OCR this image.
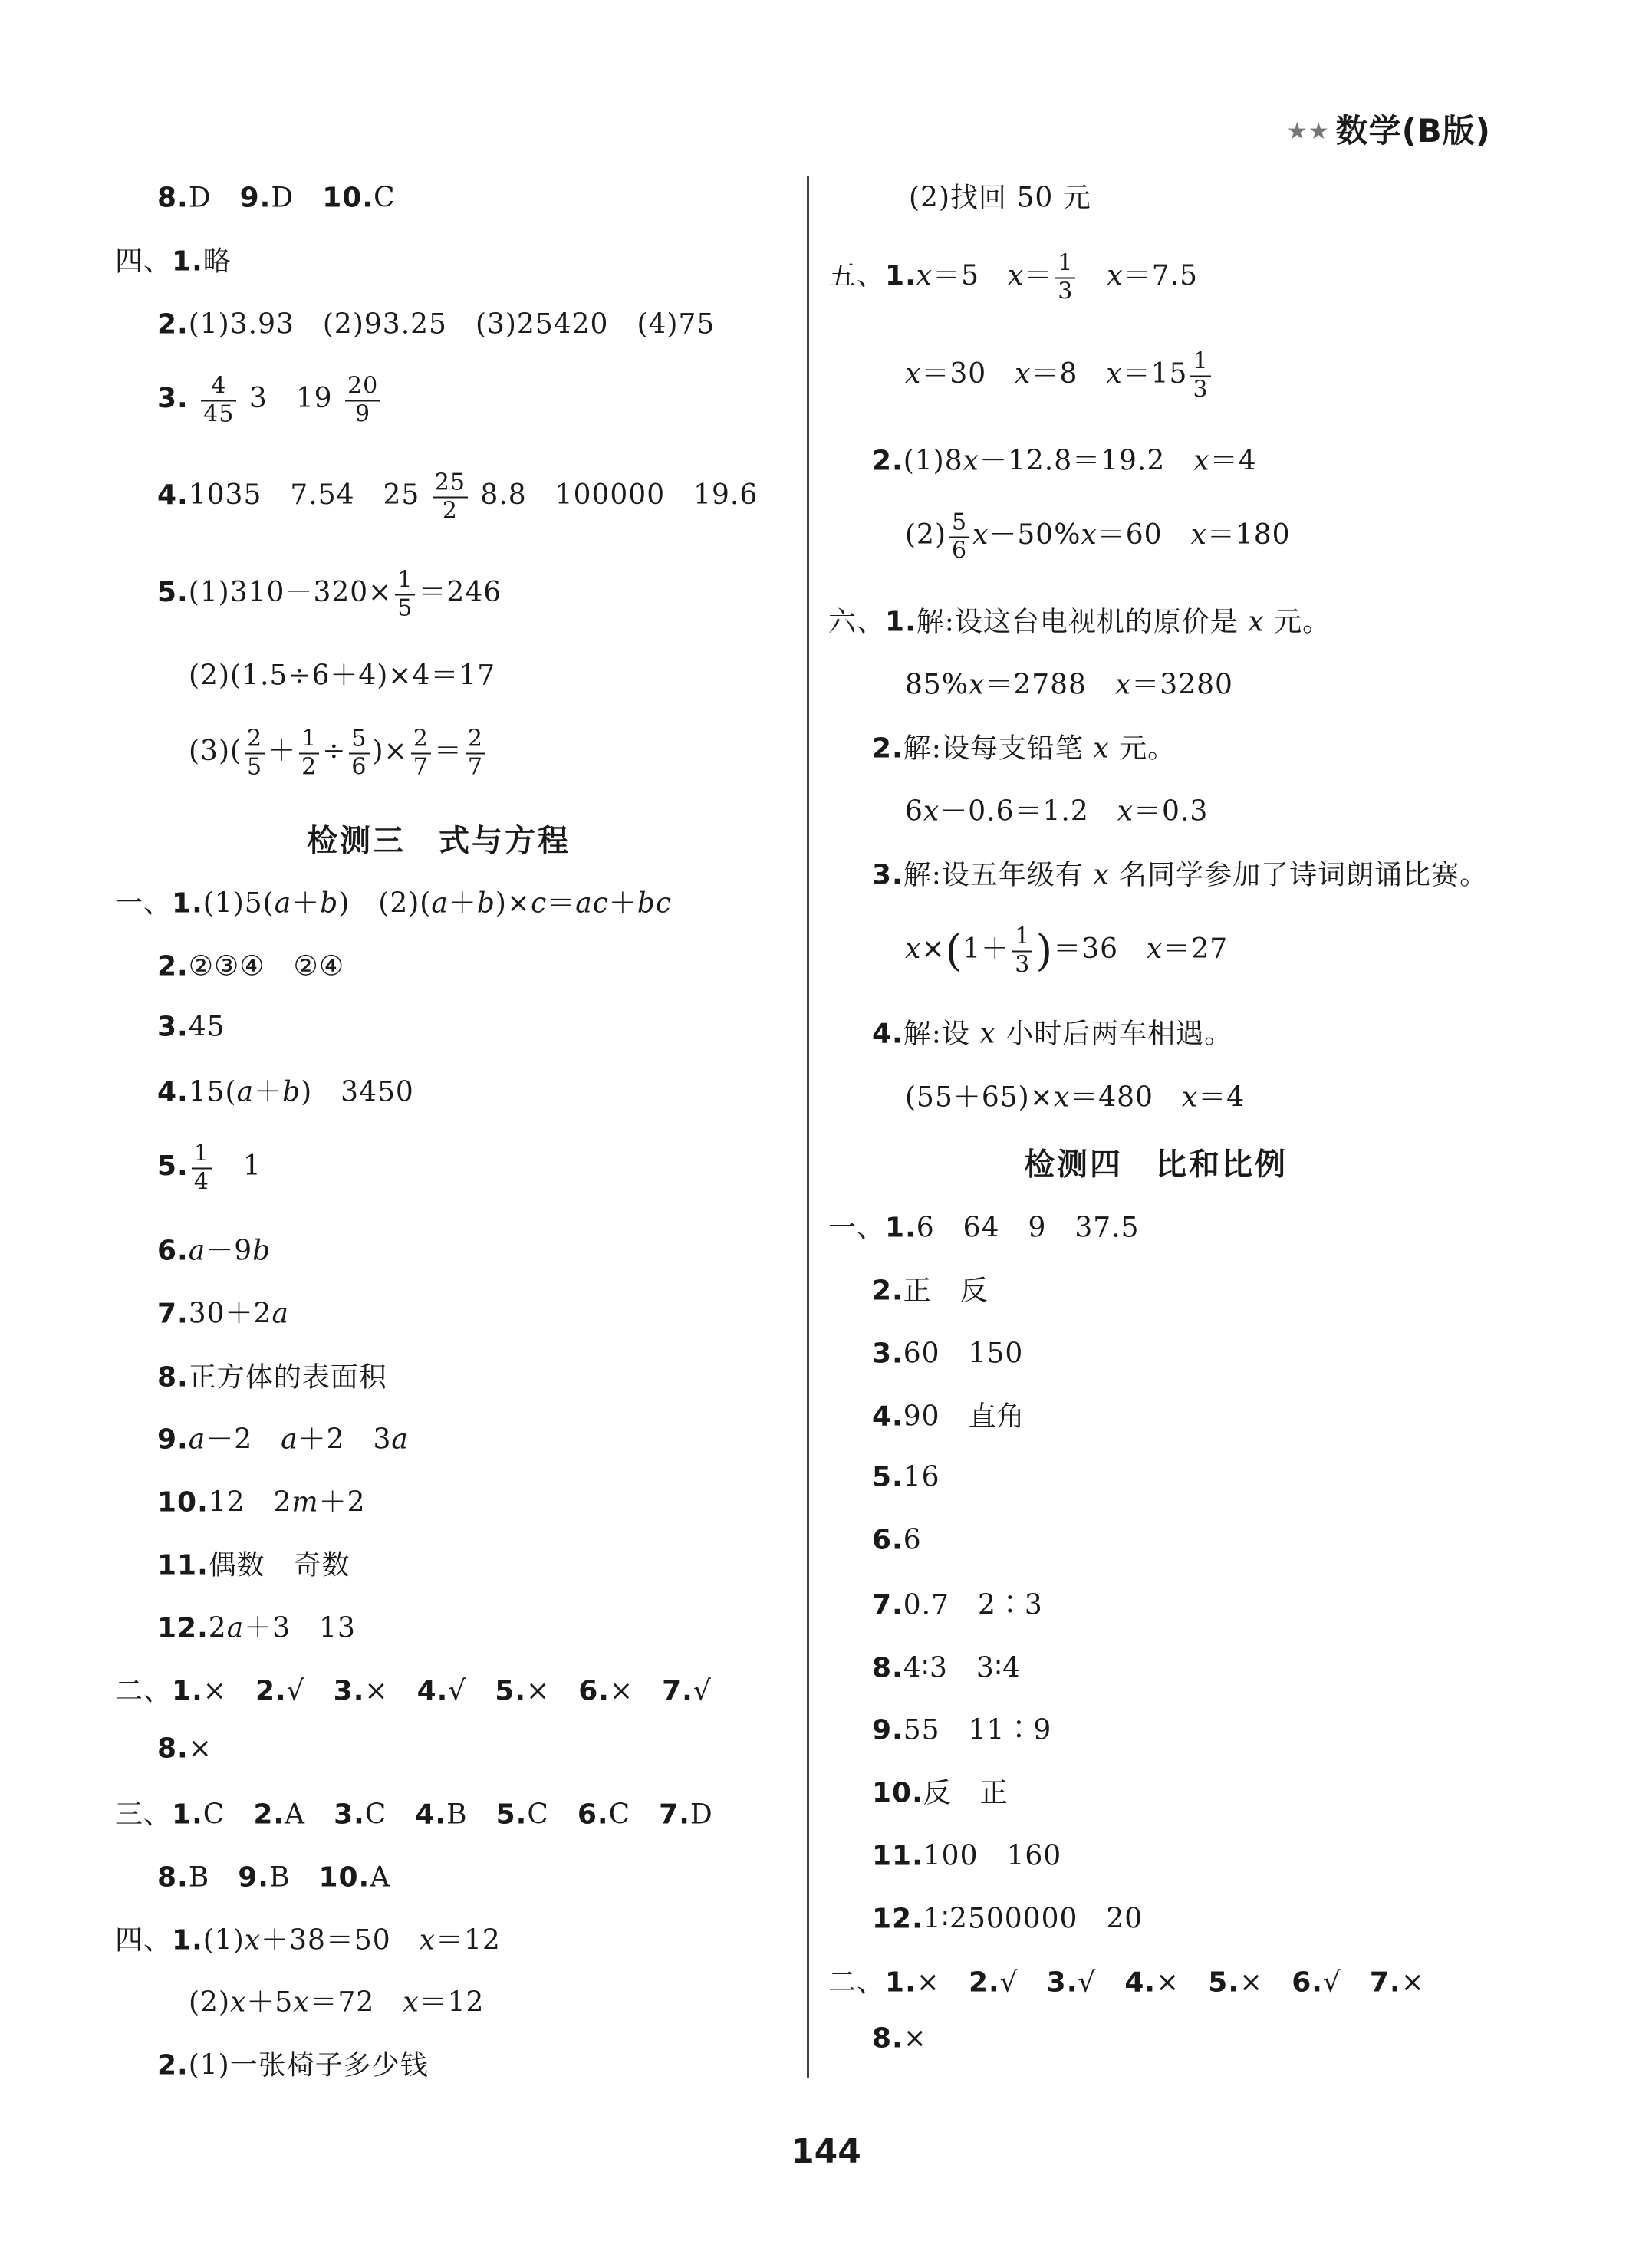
★★ 数学(B版)
8.D　 9.D　 10.C
四、1.略
2.(1)3.93　(2)93.25　(3)25420　(4)75
3. $\frac{4}{45} 3$　$19 \frac{20}{9}$
4.1035　7.54　$25 \frac{25}{2} 8.8$　100000　19.6
$5.(1)310-320\times \frac{1}{5} =246$
(2)(1.5÷6＋4)×4＝17
$(3)( \frac{2}{5} + \frac{1}{2} \div \frac{5}{6}$ )× $\frac{2}{7} = \frac{2}{7}$
检测三　式与方程
一、1.(1)5(a＋b)　(2)(a＋b)×c＝ac＋bc
2.②③④　②④
3.45
4.15(a＋b)　3450
5. $\frac{1}{4}$
　 1
6.a－9b
7.30＋2a
8.正方体的表面积
9.a－2　a＋2　3a
10.12　2m＋2
11.偶数　奇数
12.2a＋3　13
二、1.×　 2.√　 3.×　 4.√　 5.×　 6.×　 7.√
8.×
三、1.C　 2.A　 3.C　 4.B　 5.C　 6.C　 7.D
8.B　 9.B　 10.A
四、1.(1)x＋38＝50　x＝12
(2)x＋5x＝72　x＝12
2.(1)一张椅子多少钱
(2)找回 50 元
五、1.x＝5　$x= \frac{1}{3}$
　 x＝7.5
x＝30　x＝8　$x=15 \frac{1}{3}$
2.(1)8x－12.8＝19.2　x＝4
$(2) \frac{5}{6} x-50\%x=60$　x＝180
六、1.解:设这台电视机的原价是 x 元。
85%x＝2788　x＝3280
2.解:设每支铅笔 x 元。
6x－0.6＝1.2　x＝0.3
3.解:设五年级有 x 名同学参加了诗词朗诵比赛。
$x\times(1+ \frac{1}{3} )=36$　x＝27
4.解:设 x 小时后两车相遇。
(55＋65)×x＝480　x＝4
检测四　比和比例
一、1.6　64　9　37.5
2.正　反
3.60　150
4.90　直角
5.16
6.6
7.0.7　2∶3
8.4∶3　3∶4
9.55　11∶9
10.反　正
11.100　160
12.1∶2500000　20
二、1.×　 2.√　 3.√　 4.×　 5.×　 6.√　 7.×
8.×
144
